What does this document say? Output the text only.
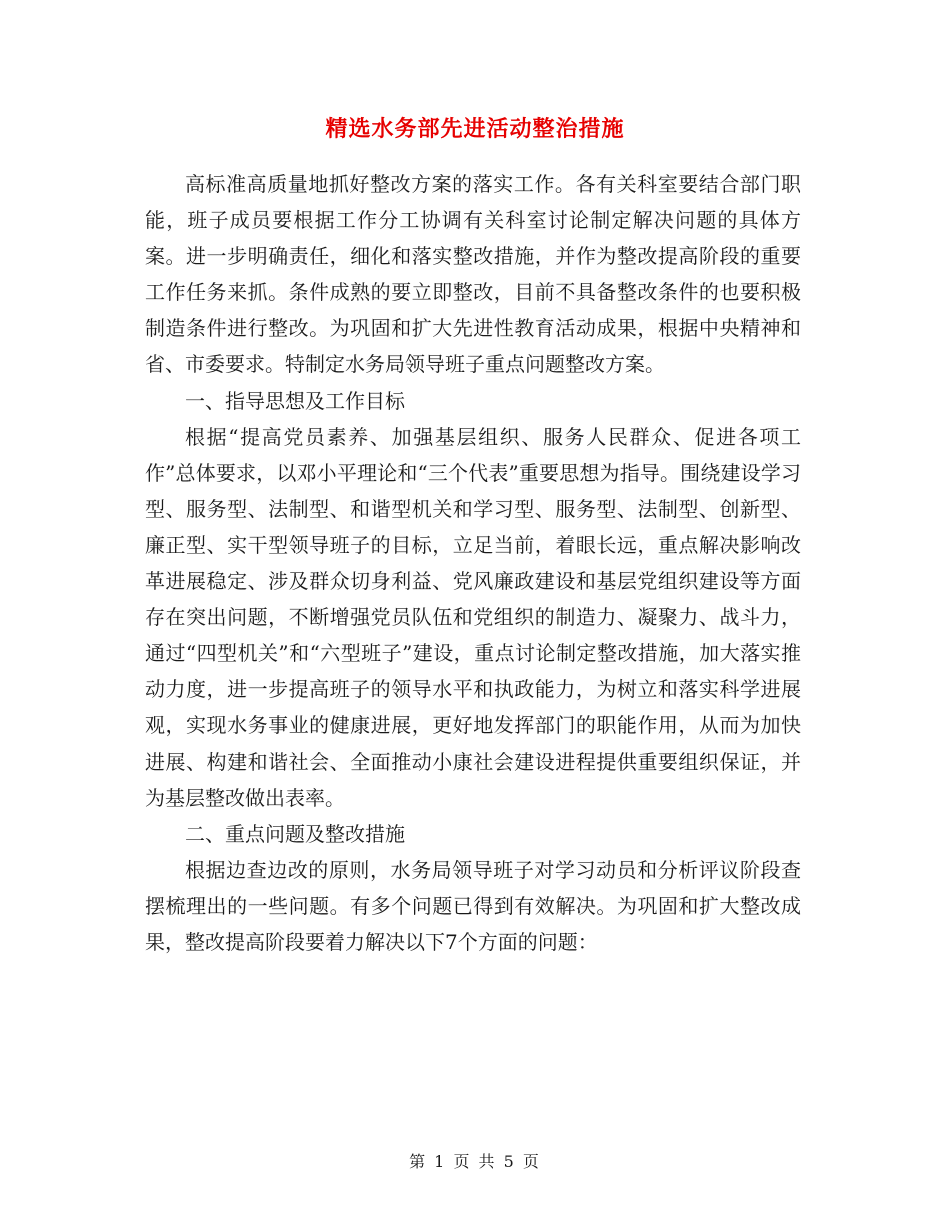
精选水务部先进活动整治措施

高标准高质量地抓好整改方案的落实工作。各有关科室要结合部门职能，班子成员要根据工作分工协调有关科室讨论制定解决问题的具体方案。进一步明确责任，细化和落实整改措施，并作为整改提高阶段的重要工作任务来抓。条件成熟的要立即整改，目前不具备整改条件的也要积极制造条件进行整改。为巩固和扩大先进性教育活动成果，根据中央精神和省、市委要求。特制定水务局领导班子重点问题整改方案。

一、指导思想及工作目标

根据“提高党员素养、加强基层组织、服务人民群众、促进各项工作”总体要求，以邓小平理论和“三个代表”重要思想为指导。围绕建设学习型、服务型、法制型、和谐型机关和学习型、服务型、法制型、创新型、廉正型、实干型领导班子的目标，立足当前，着眼长远，重点解决影响改革进展稳定、涉及群众切身利益、党风廉政建设和基层党组织建设等方面存在突出问题，不断增强党员队伍和党组织的制造力、凝聚力、战斗力，通过“四型机关”和“六型班子”建设，重点讨论制定整改措施，加大落实推动力度，进一步提高班子的领导水平和执政能力，为树立和落实科学进展观，实现水务事业的健康进展，更好地发挥部门的职能作用，从而为加快进展、构建和谐社会、全面推动小康社会建设进程提供重要组织保证，并为基层整改做出表率。

二、重点问题及整改措施

根据边查边改的原则，水务局领导班子对学习动员和分析评议阶段查摆梳理出的一些问题。有多个问题已得到有效解决。为巩固和扩大整改成果，整改提高阶段要着力解决以下7个方面的问题：

第 1 页 共 5 页
